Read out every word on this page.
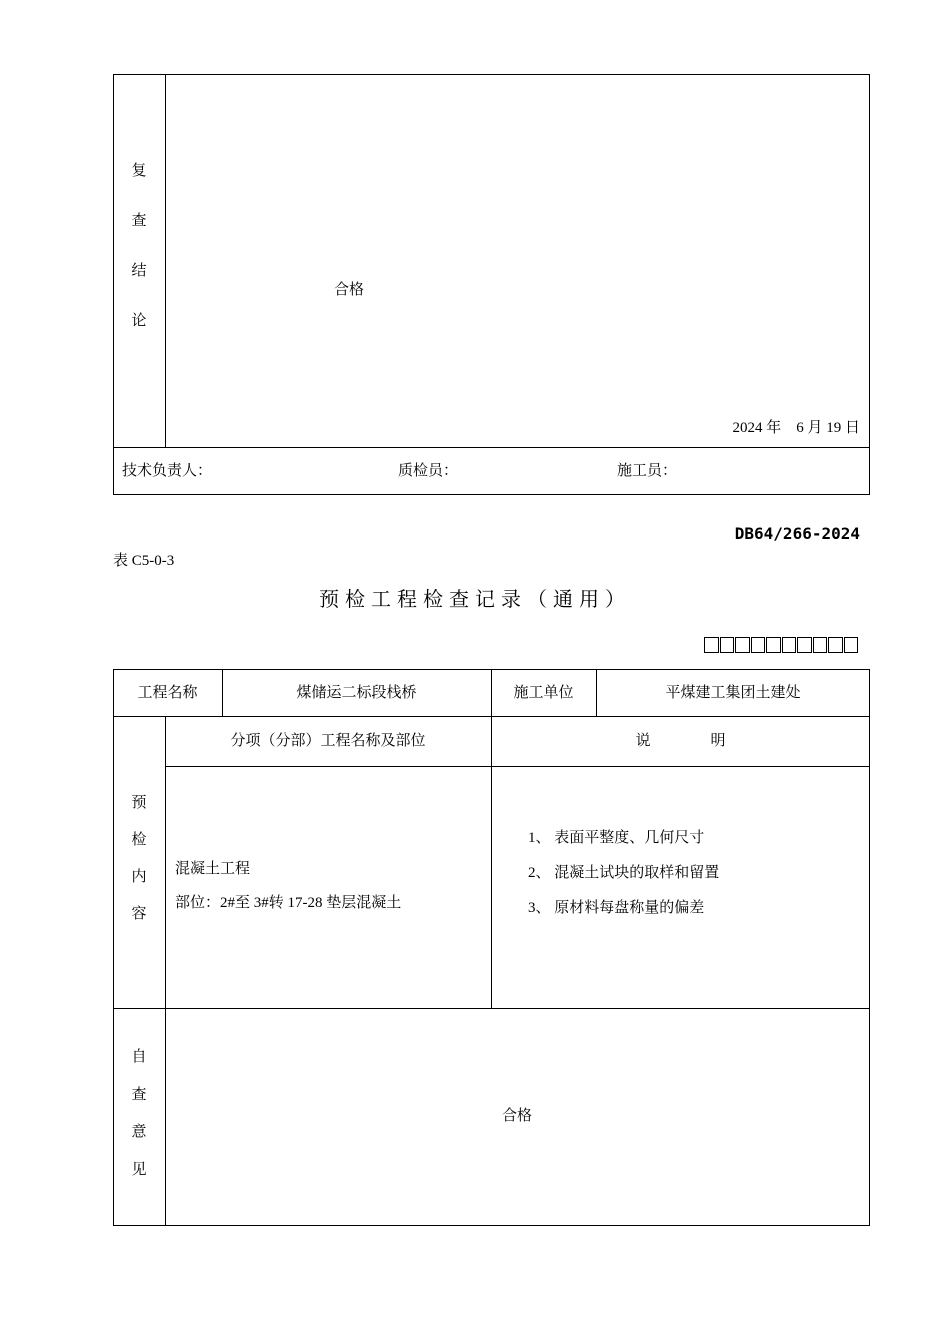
复
查
结
论
合格
2024 年　6 月 19 日
技术负责人：	质检员：	施工员：
DB64/266-2024
表 C5-0-3
预检工程检查记录（通用）
工程名称	煤储运二标段栈桥	施工单位	平煤建工集团土建处
分项（分部）工程名称及部位	说　　　　明
预
检
内
容
混凝土工程
部位：2#至 3#转 17-28 垫层混凝土
1、 表面平整度、几何尺寸
2、 混凝土试块的取样和留置
3、 原材料每盘称量的偏差
自
查
意
见
合格
